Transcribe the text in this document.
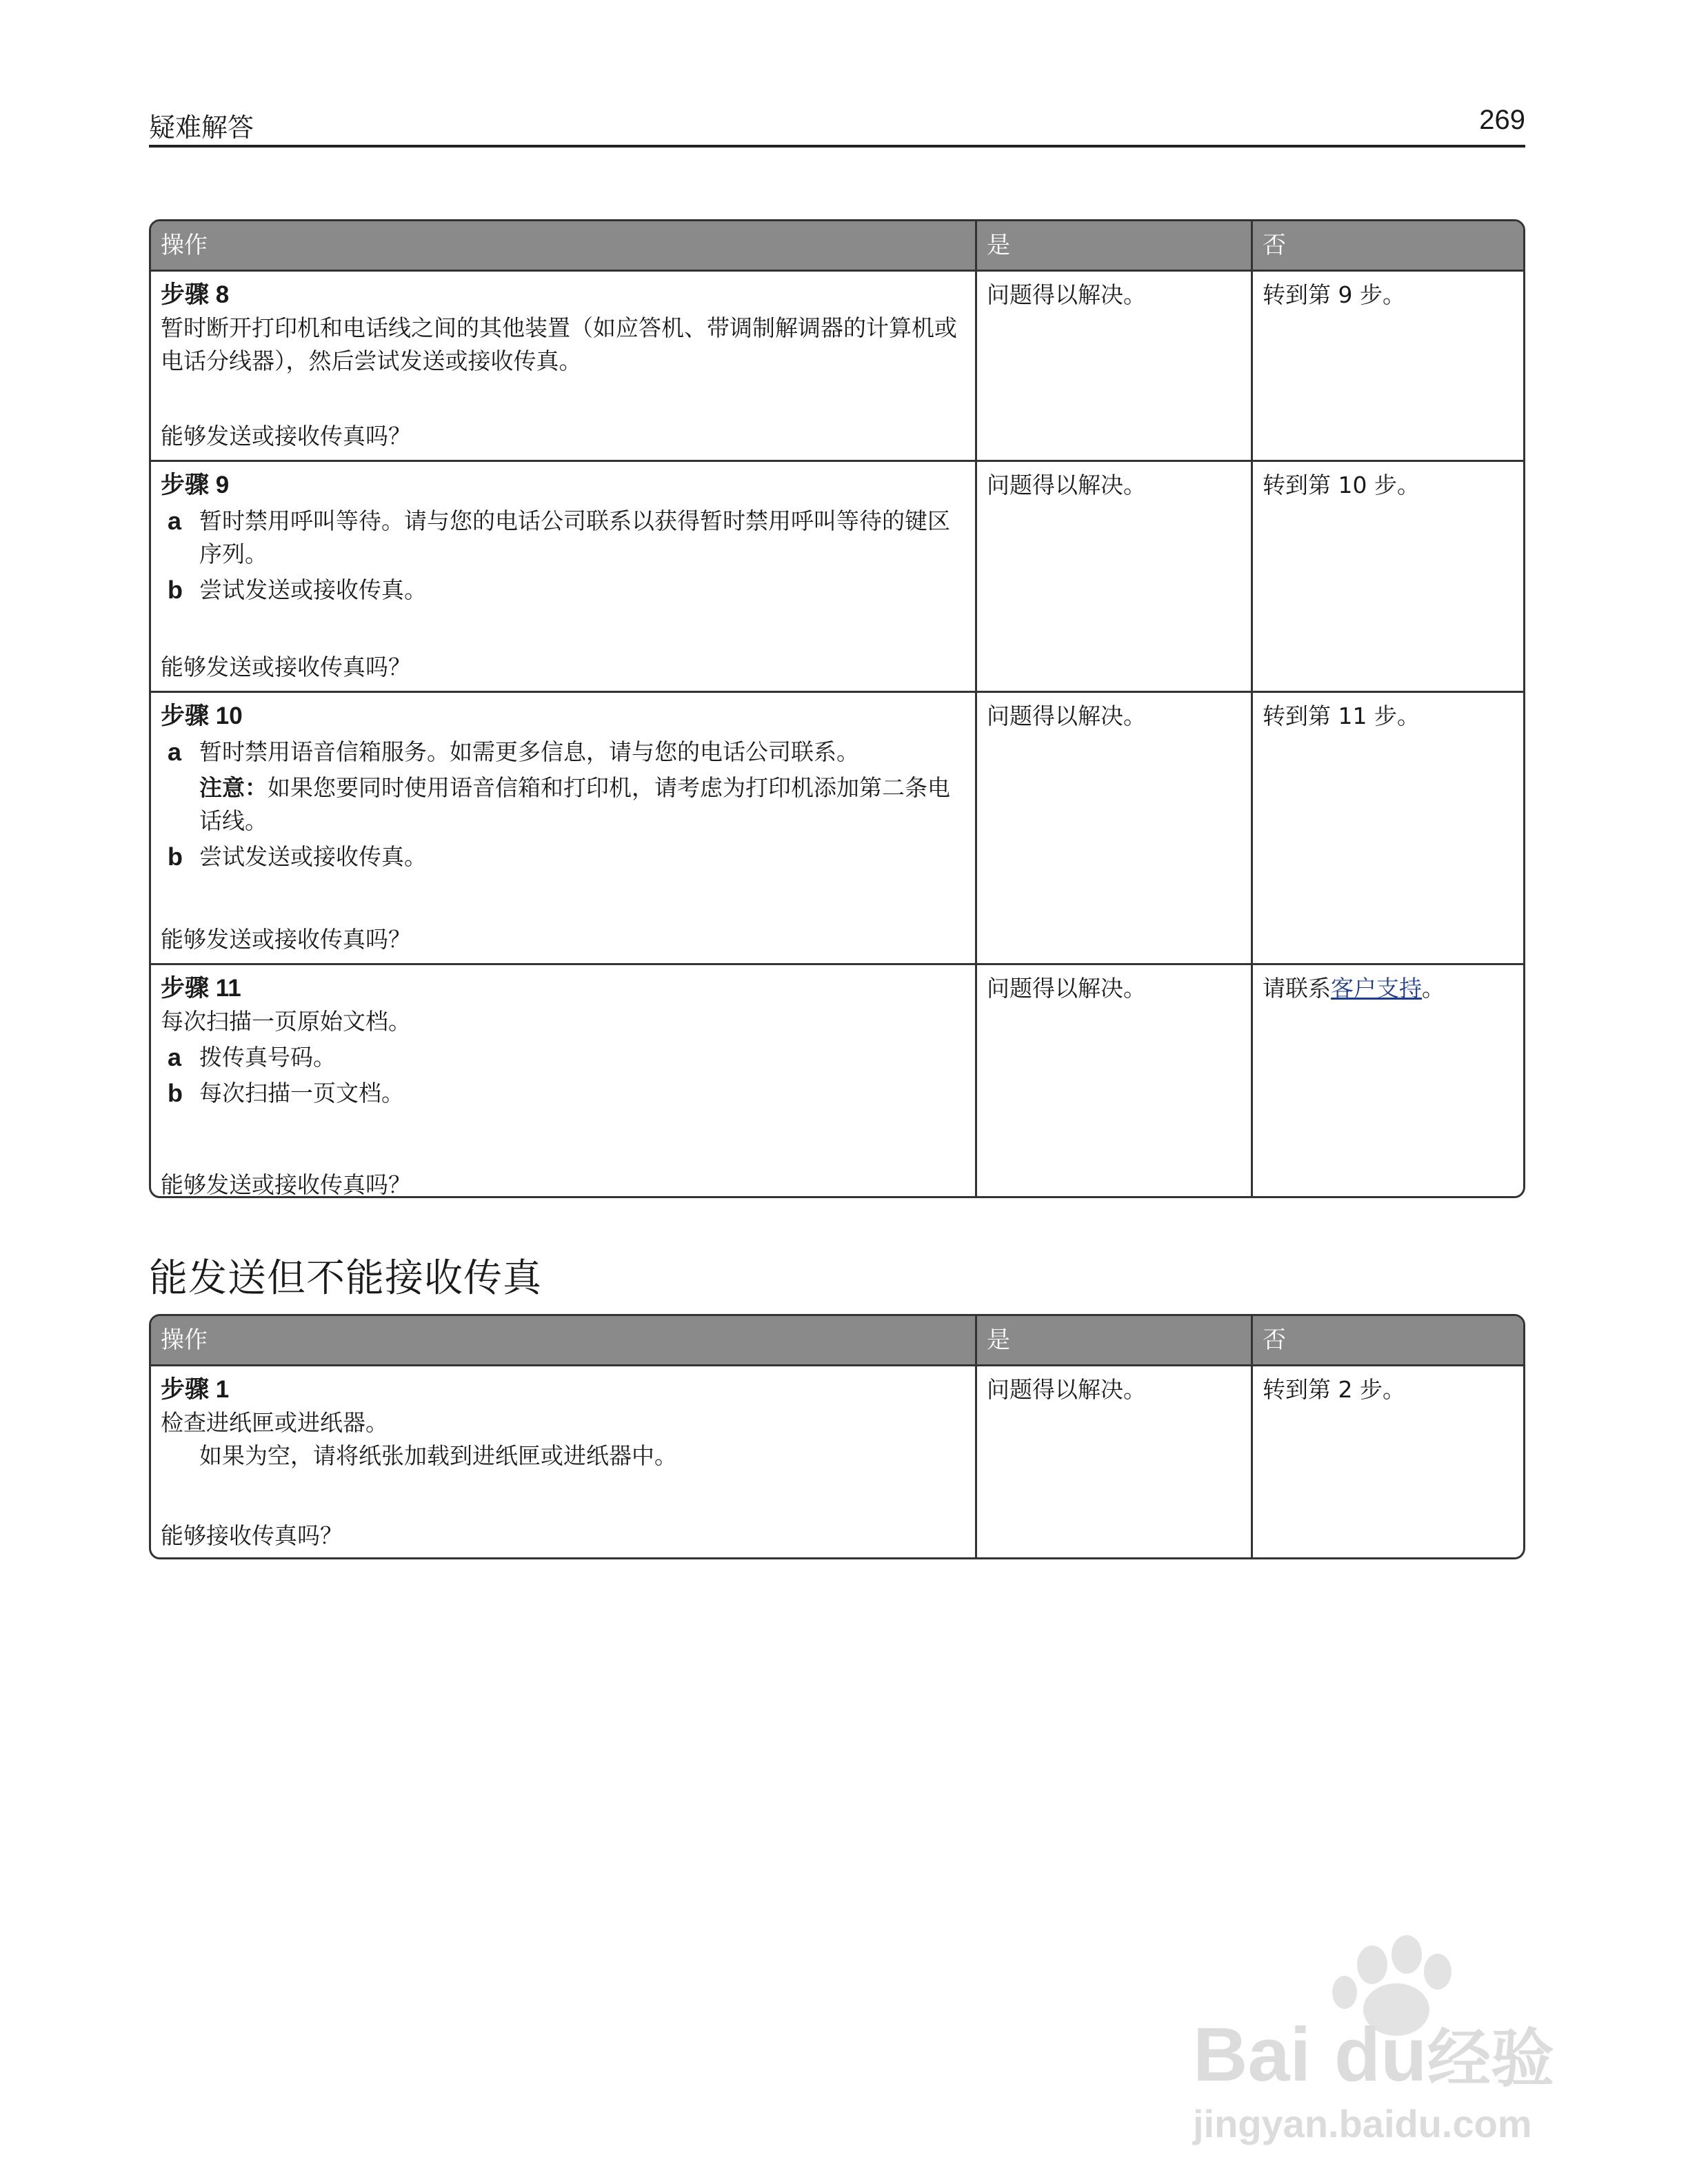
疑难解答	269
操作	是	否
步骤 8
暂时断开打印机和电话线之间的其他装置（如应答机、带调制解调器的计算机或电话分线器），然后尝试发送或接收传真。
能够发送或接收传真吗？
问题得以解决。	转到第 9 步。
步骤 9
a 暂时禁用呼叫等待。请与您的电话公司联系以获得暂时禁用呼叫等待的键区序列。
b 尝试发送或接收传真。
能够发送或接收传真吗？
问题得以解决。	转到第 10 步。
步骤 10
a 暂时禁用语音信箱服务。如需更多信息，请与您的电话公司联系。
注意：如果您要同时使用语音信箱和打印机，请考虑为打印机添加第二条电话线。
b 尝试发送或接收传真。
能够发送或接收传真吗？
问题得以解决。	转到第 11 步。
步骤 11
每次扫描一页原始文档。
a 拨传真号码。
b 每次扫描一页文档。
能够发送或接收传真吗？
问题得以解决。	请联系客户支持。
能发送但不能接收传真
操作	是	否
步骤 1
检查进纸匣或进纸器。
如果为空，请将纸张加载到进纸匣或进纸器中。
能够接收传真吗？
问题得以解决。	转到第 2 步。
Bai du 经验
jingyan.baidu.com
